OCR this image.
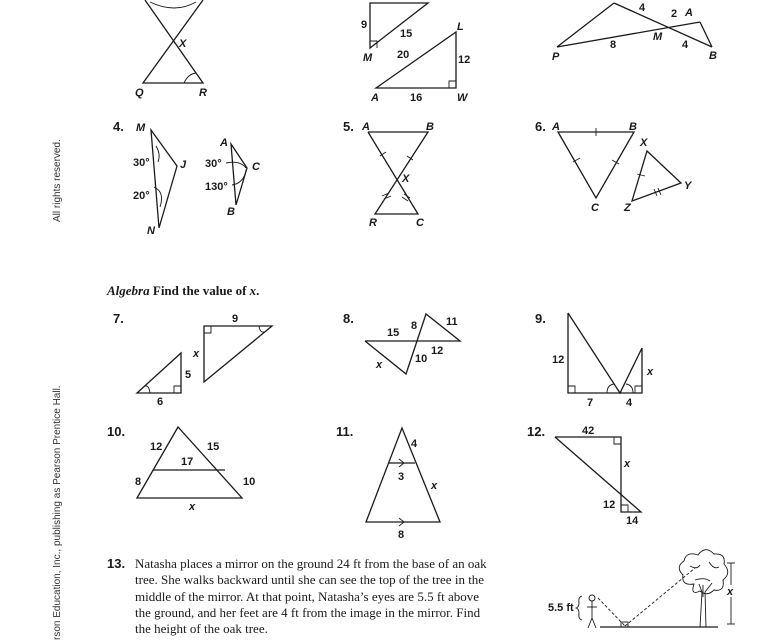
All rights reserved.
rson Education, Inc., publishing as Pearson Prentice Hall.
X
Q	R
9
15
M
L
20	12
A	16	W
4 2 A
8
M
4
P	B
4. M
J
N
30°
20°
A
C
B
30°
130°
5. A	B
X
R	C
6. A	B
C
X
Y
Z
7.	9
x
5
6
8.
15
8	11
12
10
x
9.
12
7	4
x
10.
12	15
17
8	10
x
11.
4
3
x
8
12.	42
x
12
14
5.5 ft
x
Algebra Find the value of x.
13. Natasha places a mirror on the ground 24 ft from the base of an oak
tree. She walks backward until she can see the top of the tree in the
middle of the mirror. At that point, Natasha’s eyes are 5.5 ft above
the ground, and her feet are 4 ft from the image in the mirror. Find
the height of the oak tree.
